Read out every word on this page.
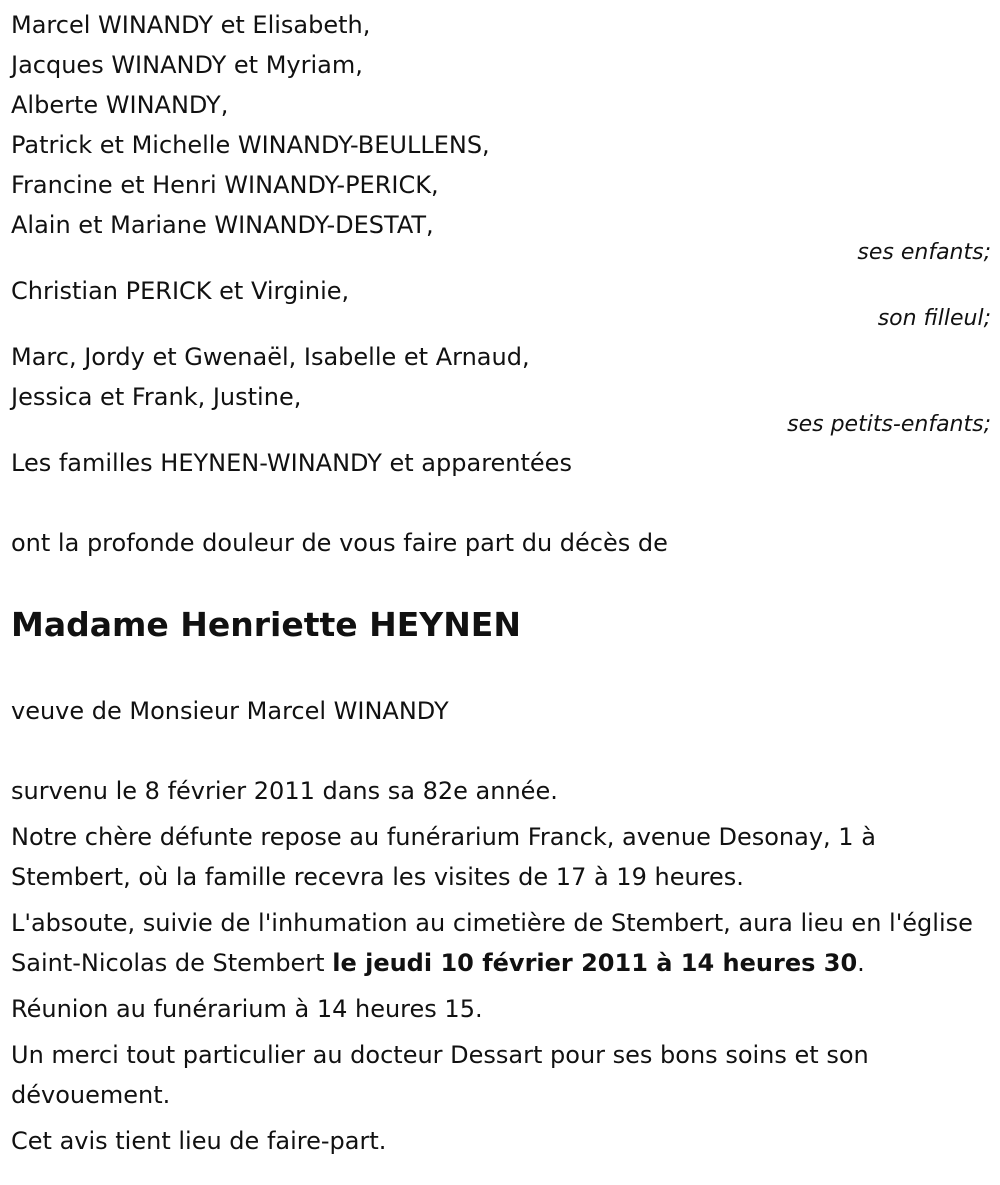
Marcel WINANDY et Elisabeth,

Jacques WINANDY et Myriam,

Alberte WINANDY,

Patrick et Michelle WINANDY-BEULLENS,

Francine et Henri WINANDY-PERICK,

Alain et Mariane WINANDY-DESTAT,

ses enfants;

Christian PERICK et Virginie,

son filleul;

Marc, Jordy et Gwenaël, Isabelle et Arnaud,

Jessica et Frank, Justine,

ses petits-enfants;

Les familles HEYNEN-WINANDY et apparentées

ont la profonde douleur de vous faire part du décès de

Madame Henriette HEYNEN

veuve de Monsieur Marcel WINANDY

survenu le 8 février 2011 dans sa 82e année.

Notre chère défunte repose au funérarium Franck, avenue Desonay, 1 à Stembert, où la famille recevra les visites de 17 à 19 heures.

L'absoute, suivie de l'inhumation au cimetière de Stembert, aura lieu en l'église Saint-Nicolas de Stembert le jeudi 10 février 2011 à 14 heures 30.

Réunion au funérarium à 14 heures 15.

Un merci tout particulier au docteur Dessart pour ses bons soins et son dévouement.

Cet avis tient lieu de faire-part.
